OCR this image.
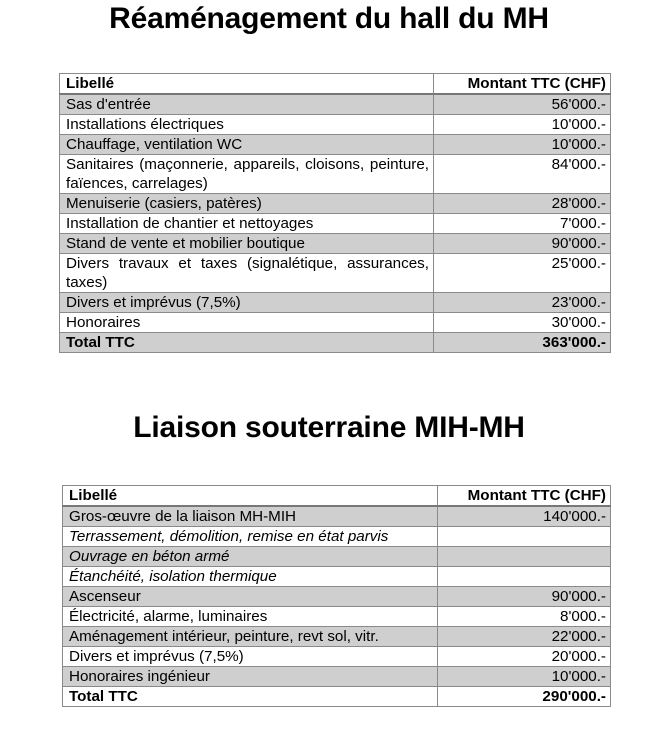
Réaménagement du hall du MH
Libellé	Montant TTC (CHF)
Sas d'entrée	56'000.-
Installations électriques	10'000.-
Chauffage, ventilation WC	10'000.-
Sanitaires (maçonnerie, appareils, cloisons, peinture, faïences, carrelages)	84'000.-
Menuiserie (casiers, patères)	28'000.-
Installation de chantier et nettoyages	7'000.-
Stand de vente et mobilier boutique	90'000.-
Divers travaux et taxes (signalétique, assurances, taxes)	25'000.-
Divers et imprévus (7,5%)	23'000.-
Honoraires	30'000.-
Total TTC	363'000.-
Liaison souterraine MIH-MH
Libellé	Montant TTC (CHF)
Gros-œuvre de la liaison MH-MIH	140'000.-
Terrassement, démolition, remise en état parvis	
Ouvrage en béton armé	
Étanchéité, isolation thermique	
Ascenseur	90'000.-
Électricité, alarme, luminaires	8'000.-
Aménagement intérieur, peinture, revt sol, vitr.	22'000.-
Divers et imprévus (7,5%)	20'000.-
Honoraires ingénieur	10'000.-
Total TTC	290'000.-
